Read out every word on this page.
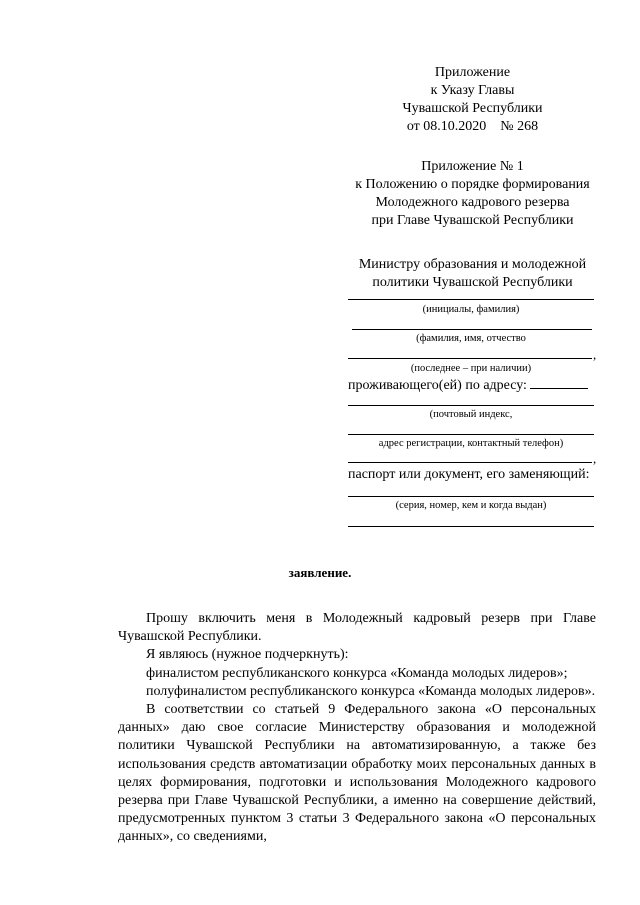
Приложение
к Указу Главы
Чувашской Республики
от 08.10.2020    № 268
Приложение № 1
к Положению о порядке формирования
Молодежного кадрового резерва
при Главе Чувашской Республики
Министру образования и молодежной
политики Чувашской Республики
(инициалы, фамилия)
(фамилия, имя, отчество
,
(последнее – при наличии)
проживающего(ей) по адресу:
(почтовый индекс,
адрес регистрации, контактный телефон)
,
паспорт или документ, его заменяющий:
(серия, номер, кем и когда выдан)
заявление.

Прошу включить меня в Молодежный кадровый резерв при Главе Чувашской Республики.

Я являюсь (нужное подчеркнуть):

финалистом республиканского конкурса «Команда молодых лидеров»;

полуфиналистом республиканского конкурса «Команда молодых лидеров».

В соответствии со статьей 9 Федерального закона «О персональных данных» даю свое согласие Министерству образования и молодежной политики Чувашской Республики на автоматизированную, а также без использования средств автоматизации обработку моих персональных данных в целях формирования, подготовки и использования Молодежного кадрового резерва при Главе Чувашской Республики, а именно на совершение действий, предусмотренных пунктом 3 статьи 3 Федерального закона «О персональных данных», со сведениями,
